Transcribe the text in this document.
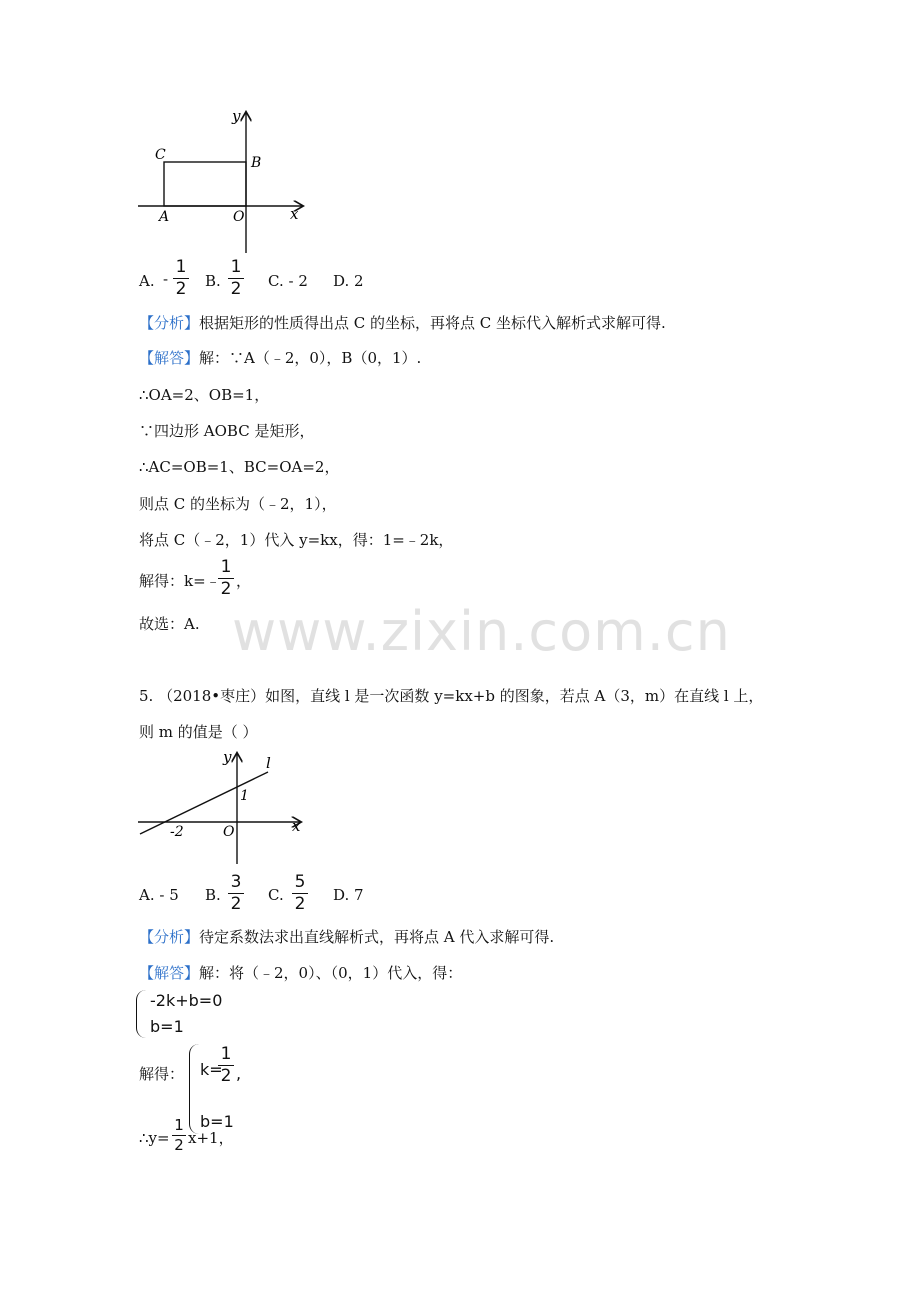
y
x
C	B
A	O
A. -
1
2 B.
1
2 C. - 2 D. 2
【分析】根据矩形的性质得出点 C 的坐标，再将点 C 坐标代入解析式求解可得.
【解答】解：∵A（﹣2，0），B（0，1）.
∴OA=2、OB=1，
∵四边形 AOBC 是矩形，
∴AC=OB=1、BC=OA=2，
则点 C 的坐标为（﹣2，1），
将点 C（﹣2，1）代入 y=kx，得：1=﹣2k，
解得：k=﹣
1
2 ，
故选：A. www.zixin.com.cn
5. （2018•枣庄）如图，直线 l 是一次函数 y=kx+b 的图象，若点 A（3，m）在直线 l 上，
则 m 的值是（ ）
y l
1
-2	O	x
A. - 5 B.
3
2 C.
5
2 D. 7
【分析】待定系数法求出直线解析式，再将点 A 代入求解可得.
【解答】解：将（﹣2，0）、（0，1）代入，得：
-2k+b=0
b=1
解得： k=
1
2 ,
b=1
∴y=
1
2 x+1，
